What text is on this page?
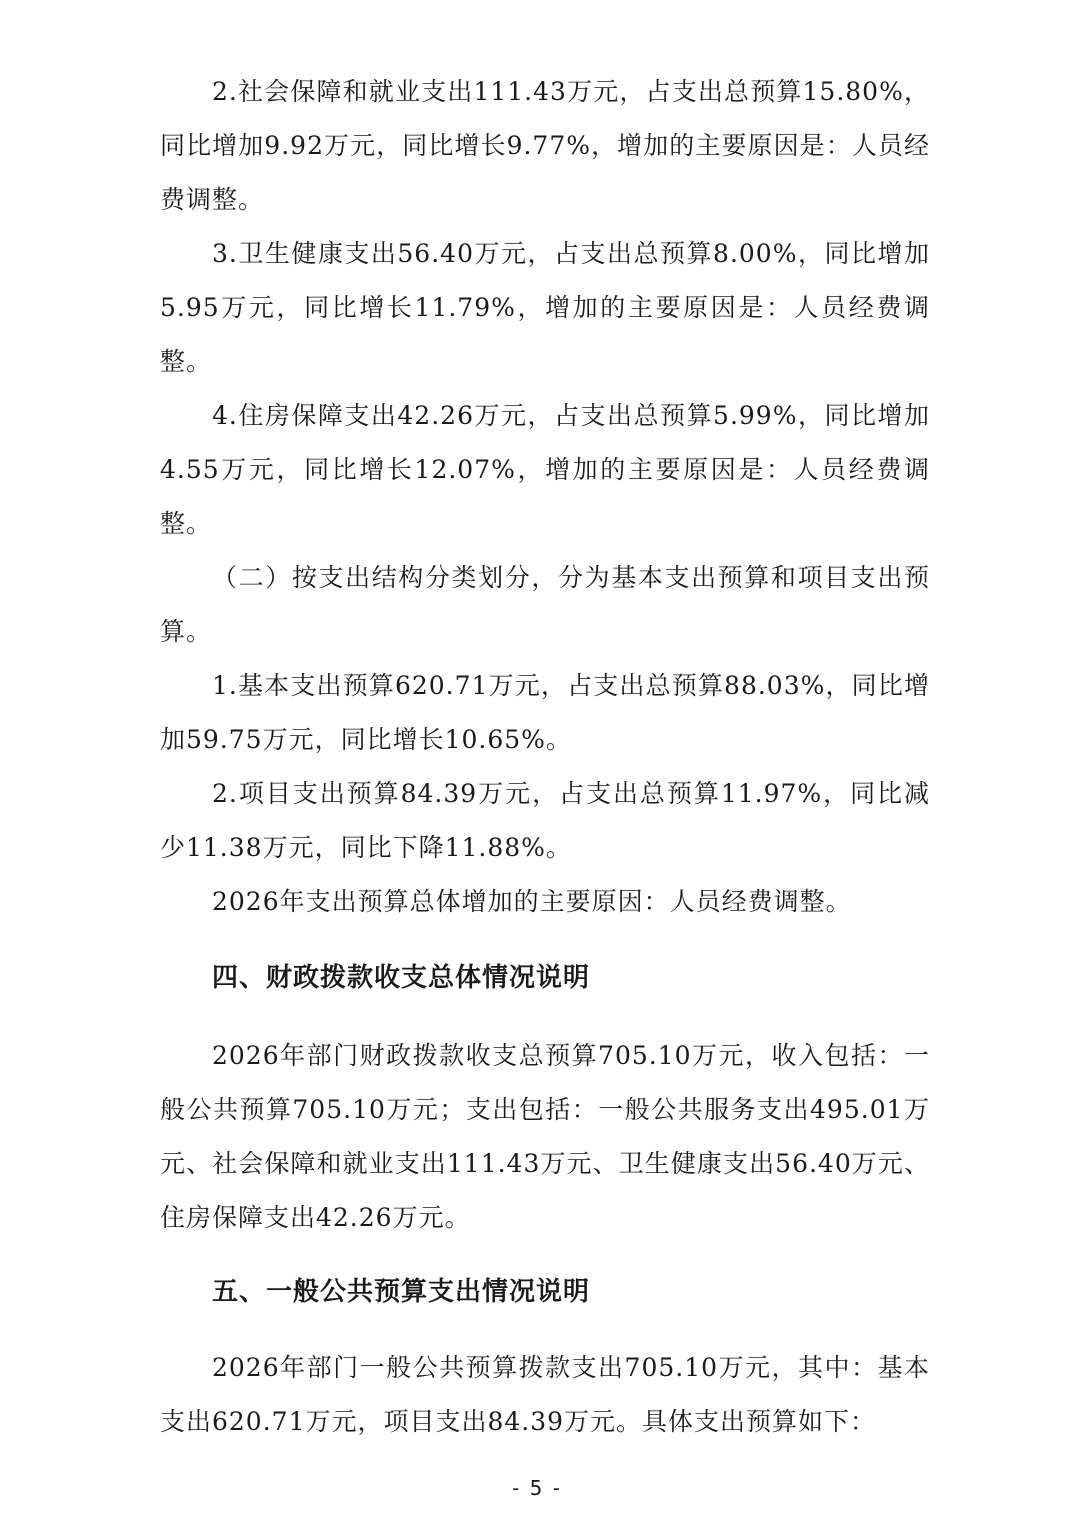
2.社会保障和就业支出111.43万元，占支出总预算15.80%，同比增加9.92万元，同比增长9.77%，增加的主要原因是：人员经费调整。

3.卫生健康支出56.40万元，占支出总预算8.00%，同比增加5.95万元，同比增长11.79%，增加的主要原因是：人员经费调整。

4.住房保障支出42.26万元，占支出总预算5.99%，同比增加4.55万元，同比增长12.07%，增加的主要原因是：人员经费调整。

（二）按支出结构分类划分，分为基本支出预算和项目支出预算。

1.基本支出预算620.71万元，占支出总预算88.03%，同比增加59.75万元，同比增长10.65%。

2.项目支出预算84.39万元，占支出总预算11.97%，同比减少11.38万元，同比下降11.88%。

2026年支出预算总体增加的主要原因：人员经费调整。

四、财政拨款收支总体情况说明

2026年部门财政拨款收支总预算705.10万元，收入包括：一般公共预算705.10万元；支出包括：一般公共服务支出495.01万元、社会保障和就业支出111.43万元、卫生健康支出56.40万元、住房保障支出42.26万元。

五、一般公共预算支出情况说明

2026年部门一般公共预算拨款支出705.10万元，其中：基本支出620.71万元，项目支出84.39万元。具体支出预算如下：

- 5 -
